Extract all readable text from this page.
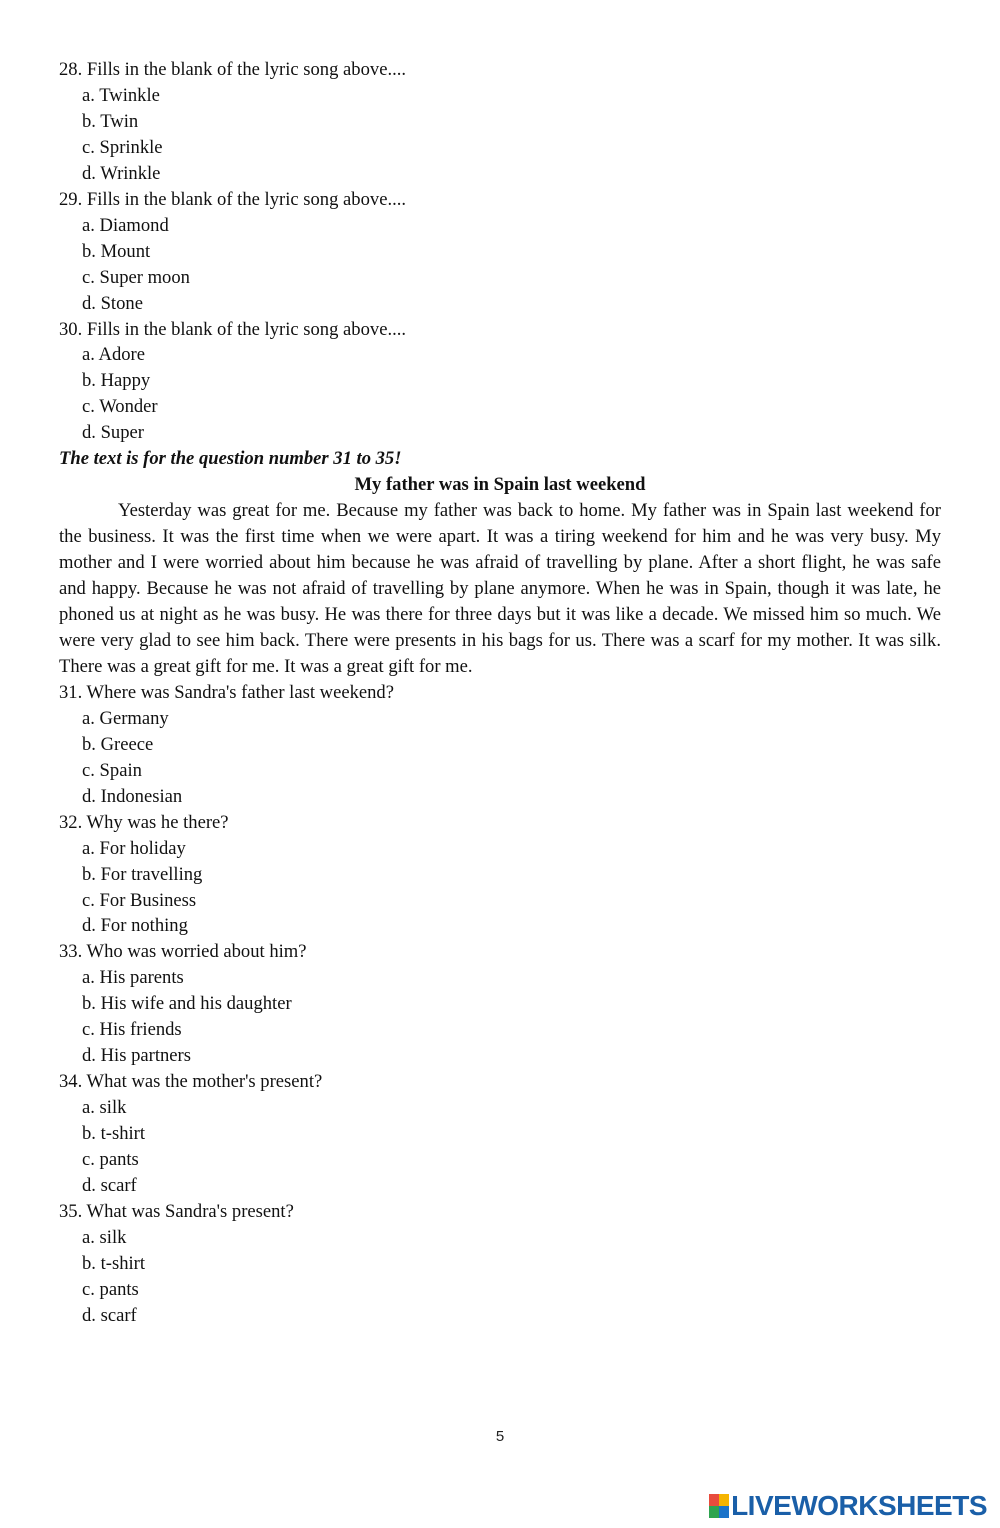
28. Fills in the blank of the lyric song above....

a. Twinkle

b. Twin

c. Sprinkle

d. Wrinkle

29. Fills in the blank of the lyric song above....

a. Diamond

b. Mount

c. Super moon

d. Stone

30. Fills in the blank of the lyric song above....

a. Adore

b. Happy

c. Wonder

d. Super

The text is for the question number 31 to 35!

My father was in Spain last weekend

Yesterday was great for me. Because my father was back to home. My father was in Spain last weekend for the business. It was the first time when we were apart. It was a tiring weekend for him and he was very busy. My mother and I were worried about him because he was afraid of travelling by plane. After a short flight, he was safe and happy. Because he was not afraid of travelling by plane anymore. When he was in Spain, though it was late, he phoned us at night as he was busy. He was there for three days but it was like a decade. We missed him so much. We were very glad to see him back. There were presents in his bags for us. There was a scarf for my mother. It was silk. There was a great gift for me. It was a great gift for me.

31. Where was Sandra's father last weekend?

a. Germany

b. Greece

c. Spain

d. Indonesian

32. Why was he there?

a. For holiday

b. For travelling

c. For Business

d. For nothing

33. Who was worried about him?

a. His parents

b. His wife and his daughter

c. His friends

d. His partners

34. What was the mother's present?

a. silk

b. t-shirt

c. pants

d. scarf

35. What was Sandra's present?

a. silk

b. t-shirt

c. pants

d. scarf

5
LIVEWORKSHEETS
